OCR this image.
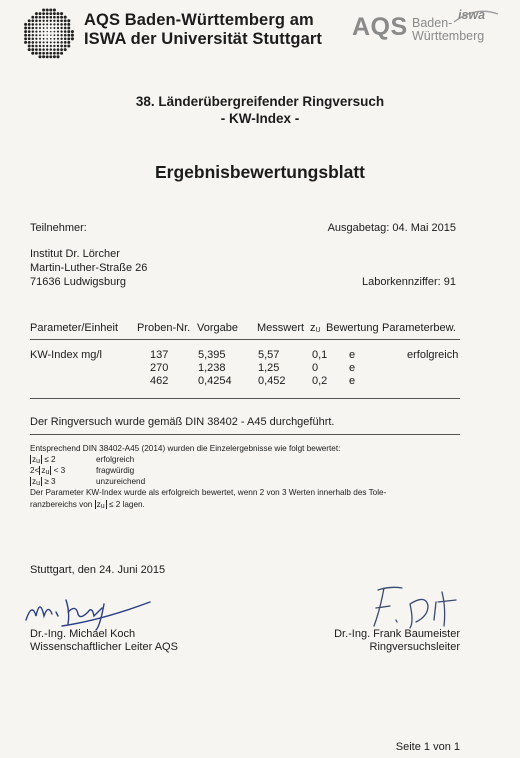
AQS Baden-Württemberg am
ISWA der Universität Stuttgart AQS Baden-
Württemberg
iswa
38. Länderübergreifender Ringversuch
- KW-Index -
Ergebnisbewertungsblatt
Teilnehmer:	Ausgabetag: 04. Mai 2015
Institut Dr. Lörcher
Martin-Luther-Straße 26
71636 Ludwigsburg	Laborkennziffer: 91
Parameter/Einheit Proben-Nr. Vorgabe Messwert zU Bewertung Parameterbew.
KW-Index mg/l	137	5,395	5,57	0,1 e	erfolgreich
270	1,238	1,25	0	e
462	0,4254 0,452 0,2 e
Der Ringversuch wurde gemäß DIN 38402 - A45 durchgeführt.
Entsprechend DIN 38402-A45 (2014) wurden die Einzelergebnisse wie folgt bewertet:
zu ≤ 2	erfolgreich
2< zu < 3	fragwürdig
zu ≥ 3	unzureichend
Der Parameter KW-Index wurde als erfolgreich bewertet, wenn 2 von 3 Werten innerhalb des Tole-
ranzbereichs von zu ≤ 2 lagen.
Stuttgart, den 24. Juni 2015
Dr.-Ing. Michael Koch
Wissenschaftlicher Leiter AQS
Dr.-Ing. Frank Baumeister
Ringversuchsleiter
Seite 1 von 1
